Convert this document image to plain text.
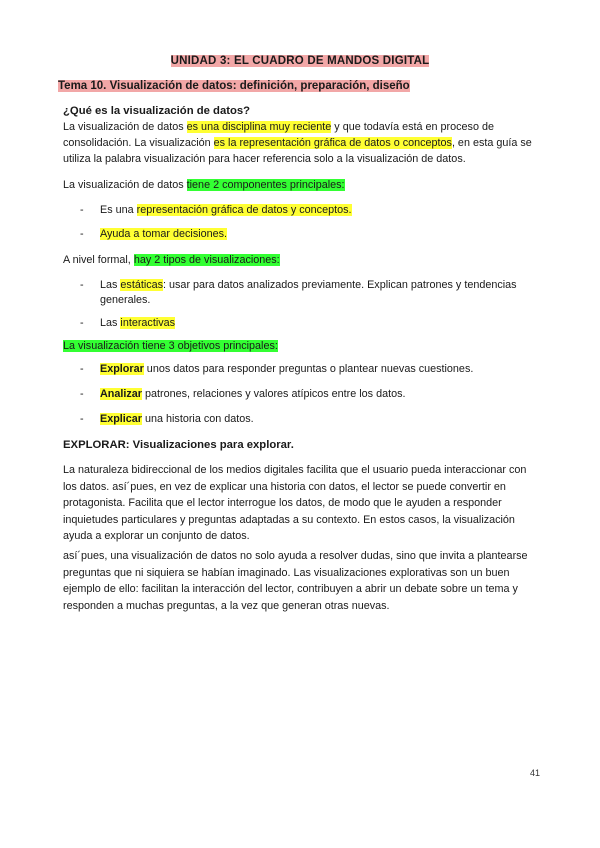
UNIDAD 3: EL CUADRO DE MANDOS DIGITAL
Tema 10. Visualización de datos: definición, preparación, diseño
¿Qué es la visualización de datos?
La visualización de datos es una disciplina muy reciente y que todavía está en proceso de consolidación. La visualización es la representación gráfica de datos o conceptos, en esta guía se utiliza la palabra visualización para hacer referencia solo a la visualización de datos.
La visualización de datos tiene 2 componentes principales:
- Es una representación gráfica de datos y conceptos.
- Ayuda a tomar decisiones.
A nivel formal, hay 2 tipos de visualizaciones:
- Las estáticas: usar para datos analizados previamente. Explican patrones y tendencias generales.
- Las interactivas
La visualización tiene 3 objetivos principales:
- Explorar unos datos para responder preguntas o plantear nuevas cuestiones.
- Analizar patrones, relaciones y valores atípicos entre los datos.
- Explicar una historia con datos.
EXPLORAR: Visualizaciones para explorar.
La naturaleza bidireccional de los medios digitales facilita que el usuario pueda interaccionar con los datos. así´pues, en vez de explicar una historia con datos, el lector se puede convertir en protagonista. Facilita que el lector interrogue los datos, de modo que le ayuden a responder inquietudes particulares y preguntas adaptadas a su contexto. En estos casos, la visualización ayuda a explorar un conjunto de datos.
así´pues, una visualización de datos no solo ayuda a resolver dudas, sino que invita a plantearse preguntas que ni siquiera se habían imaginado. Las visualizaciones explorativas son un buen ejemplo de ello: facilitan la interacción del lector, contribuyen a abrir un debate sobre un tema y responden a muchas preguntas, a la vez que generan otras nuevas.
41
